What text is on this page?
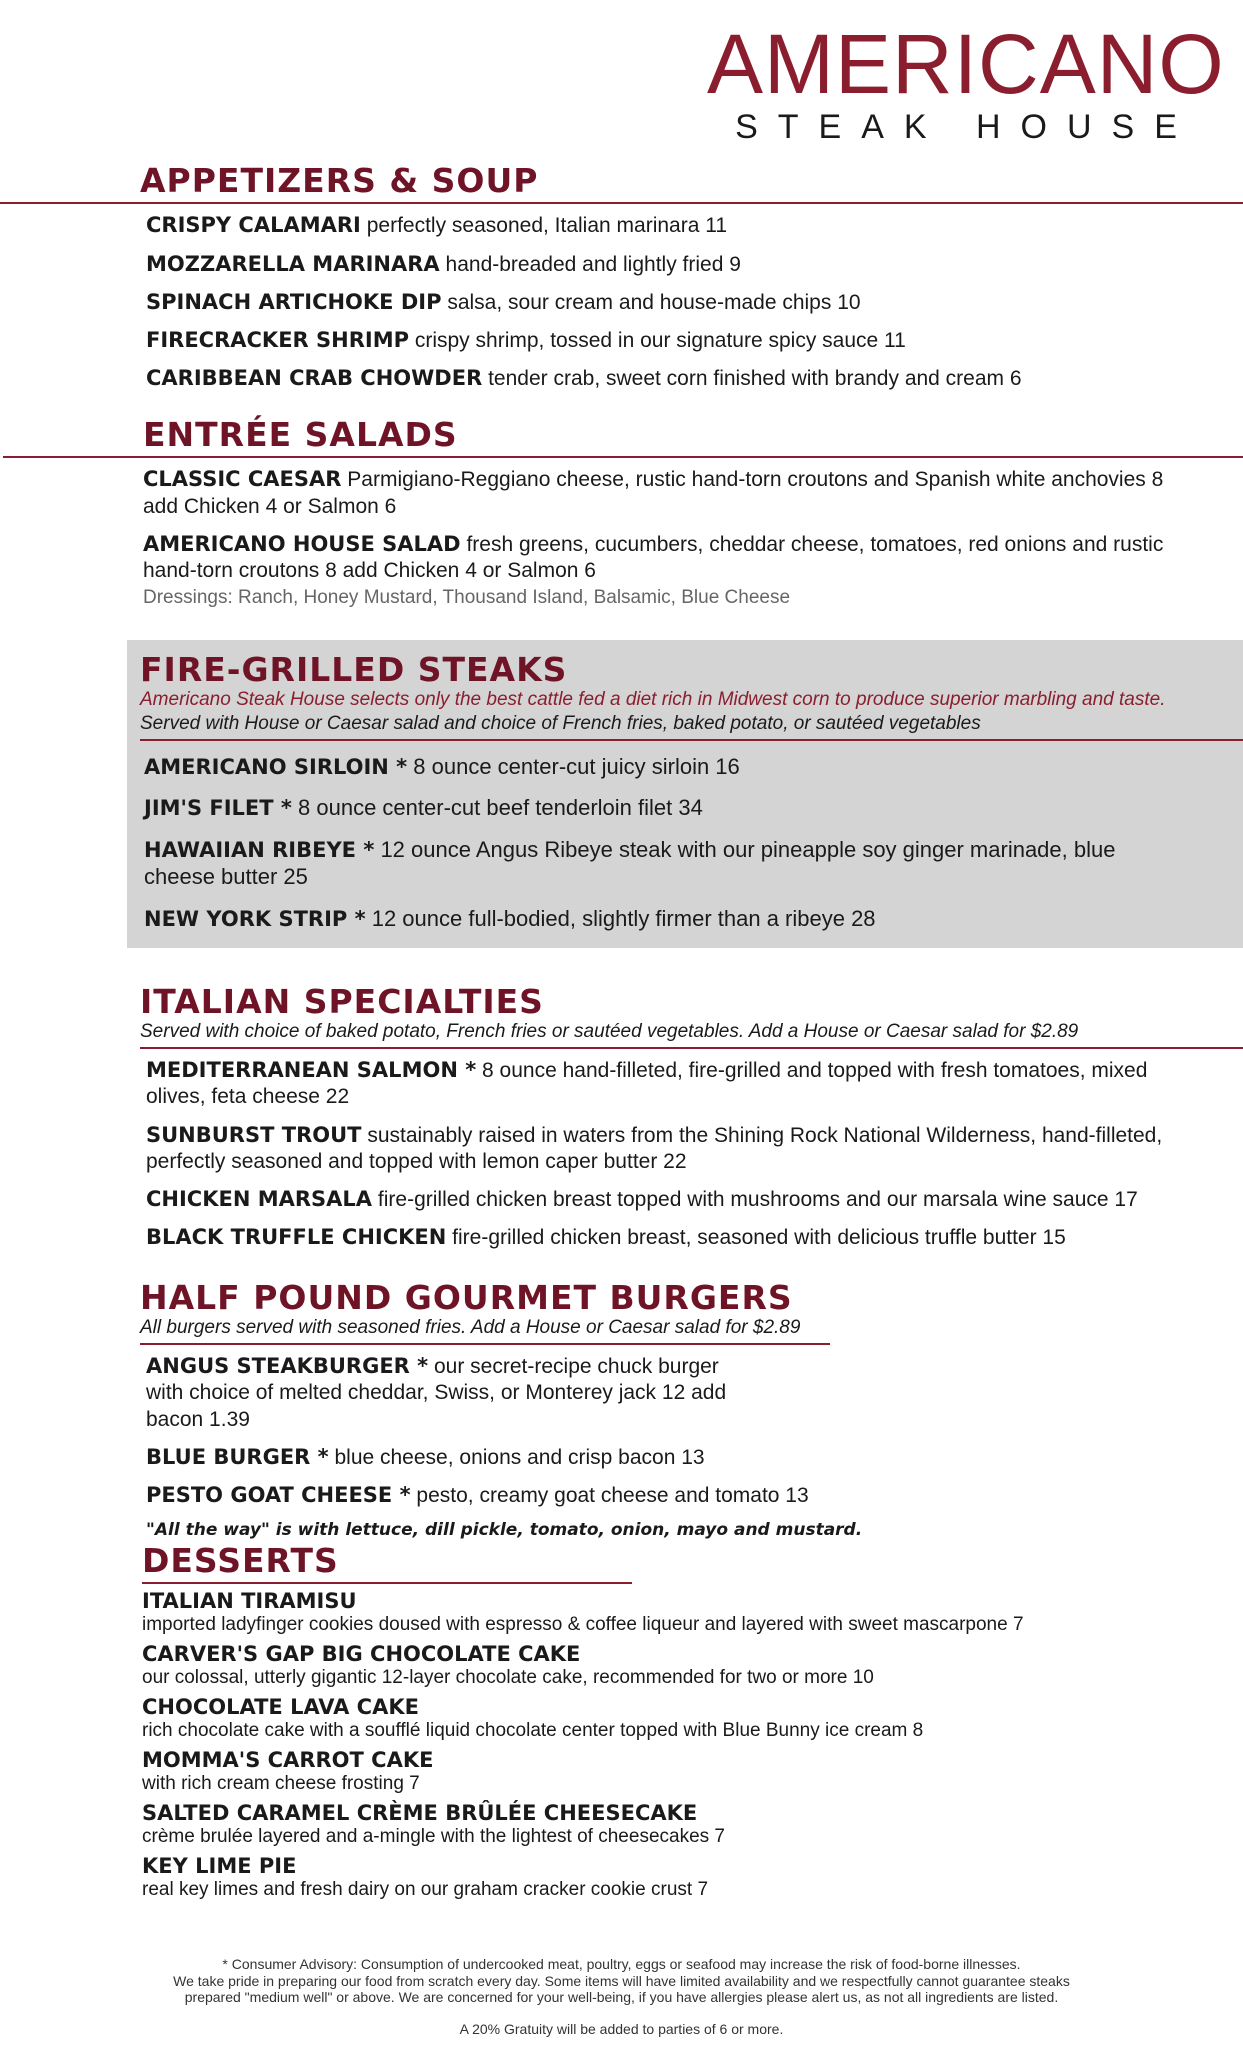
AMERICANO
STEAK HOUSE
APPETIZERS & SOUP
CRISPY CALAMARI perfectly seasoned, Italian marinara 11
MOZZARELLA MARINARA hand-breaded and lightly fried 9
SPINACH ARTICHOKE DIP salsa, sour cream and house-made chips 10
FIRECRACKER SHRIMP crispy shrimp, tossed in our signature spicy sauce 11
CARIBBEAN CRAB CHOWDER tender crab, sweet corn finished with brandy and cream 6
ENTRÉE SALADS
CLASSIC CAESAR Parmigiano-Reggiano cheese, rustic hand-torn croutons and Spanish white anchovies 8 add Chicken 4 or Salmon 6
AMERICANO HOUSE SALAD fresh greens, cucumbers, cheddar cheese, tomatoes, red onions and rustic hand-torn croutons 8 add Chicken 4 or Salmon 6
Dressings: Ranch, Honey Mustard, Thousand Island, Balsamic, Blue Cheese
FIRE-GRILLED STEAKS
Americano Steak House selects only the best cattle fed a diet rich in Midwest corn to produce superior marbling and taste.
Served with House or Caesar salad and choice of French fries, baked potato, or sautéed vegetables
AMERICANO SIRLOIN * 8 ounce center-cut juicy sirloin 16
JIM'S FILET * 8 ounce center-cut beef tenderloin filet 34
HAWAIIAN RIBEYE * 12 ounce Angus Ribeye steak with our pineapple soy ginger marinade, blue cheese butter 25
NEW YORK STRIP * 12 ounce full-bodied, slightly firmer than a ribeye 28
ITALIAN SPECIALTIES
Served with choice of baked potato, French fries or sautéed vegetables. Add a House or Caesar salad for $2.89
MEDITERRANEAN SALMON * 8 ounce hand-filleted, fire-grilled and topped with fresh tomatoes, mixed olives, feta cheese 22
SUNBURST TROUT sustainably raised in waters from the Shining Rock National Wilderness, hand-filleted, perfectly seasoned and topped with lemon caper butter 22
CHICKEN MARSALA fire-grilled chicken breast topped with mushrooms and our marsala wine sauce 17
BLACK TRUFFLE CHICKEN fire-grilled chicken breast, seasoned with delicious truffle butter 15
HALF POUND GOURMET BURGERS
All burgers served with seasoned fries. Add a House or Caesar salad for $2.89
ANGUS STEAKBURGER * our secret-recipe chuck burger with choice of melted cheddar, Swiss, or Monterey jack 12 add bacon 1.39
BLUE BURGER * blue cheese, onions and crisp bacon 13
PESTO GOAT CHEESE * pesto, creamy goat cheese and tomato 13
"All the way" is with lettuce, dill pickle, tomato, onion, mayo and mustard.
DESSERTS
ITALIAN TIRAMISU
imported ladyfinger cookies doused with espresso & coffee liqueur and layered with sweet mascarpone 7
CARVER'S GAP BIG CHOCOLATE CAKE
our colossal, utterly gigantic 12-layer chocolate cake, recommended for two or more 10
CHOCOLATE LAVA CAKE
rich chocolate cake with a soufflé liquid chocolate center topped with Blue Bunny ice cream 8
MOMMA'S CARROT CAKE
with rich cream cheese frosting 7
SALTED CARAMEL CRÈME BRÛLÉE CHEESECAKE
crème brulée layered and a-mingle with the lightest of cheesecakes 7
KEY LIME PIE
real key limes and fresh dairy on our graham cracker cookie crust 7
* Consumer Advisory: Consumption of undercooked meat, poultry, eggs or seafood may increase the risk of food-borne illnesses.
We take pride in preparing our food from scratch every day. Some items will have limited availability and we respectfully cannot guarantee steaks
prepared "medium well" or above. We are concerned for your well-being, if you have allergies please alert us, as not all ingredients are listed.
A 20% Gratuity will be added to parties of 6 or more.
